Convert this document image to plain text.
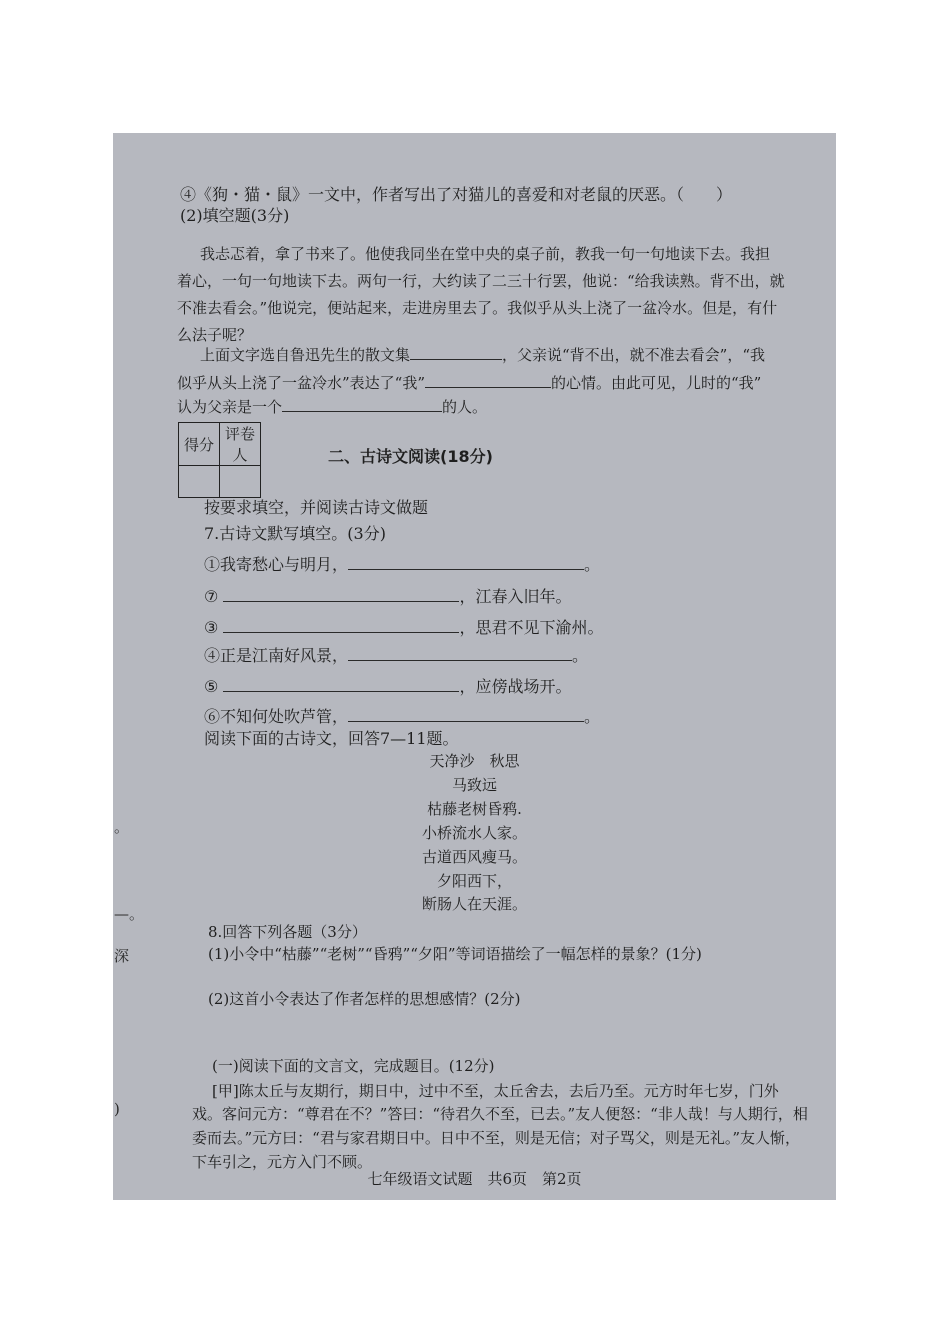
④《狗・猫・鼠》一文中，作者写出了对猫儿的喜爱和对老鼠的厌恶。（　　）
(2)填空题(3分)
我忐忑着，拿了书来了。他使我同坐在堂中央的桌子前，教我一句一句地读下去。我担
着心，一句一句地读下去。两句一行，大约读了二三十行罢，他说：“给我读熟。背不出，就
不准去看会。”他说完，便站起来，走进房里去了。我似乎从头上浇了一盆冷水。但是，有什
么法子呢？
上面文字选自鲁迅先生的散文集	，父亲说“背不出，就不准去看会”，“我
似乎从头上浇了一盆冷水”表达了“我”	的心情。由此可见，儿时的“我”
认为父亲是一个	的人。
得分	评卷人
		二、古诗文阅读(18分)
按要求填空，并阅读古诗文做题
7.古诗文默写填空。(3分)
①我寄愁心与明月，	。
⑦	，江春入旧年。
③	，思君不见下渝州。
④正是江南好风景，	。
⑤	，应傍战场开。
⑥不知何处吹芦管，	。
阅读下面的古诗文，回答7—11题。
天净沙　秋思
马致远
枯藤老树昏鸦.
小桥流水人家。
古道西风瘦马。
夕阳西下，
断肠人在天涯。
8.回答下列各题（3分）
(1)小令中“枯藤”“老树”“昏鸦”“夕阳”等词语描绘了一幅怎样的景象？(1分)
(2)这首小令表达了作者怎样的思想感情？(2分)
(一)阅读下面的文言文，完成题目。(12分)
[甲]陈太丘与友期行，期日中，过中不至，太丘舍去，去后乃至。元方时年七岁，门外
戏。客问元方：“尊君在不？”答曰：“待君久不至，已去。”友人便怒：“非人哉！与人期行，相
委而去。”元方曰：“君与家君期日中。日中不至，则是无信；对子骂父，则是无礼。”友人惭，
下车引之，元方入门不顾。
七年级语文试题　共6页　第2页
。
—。
深
)
